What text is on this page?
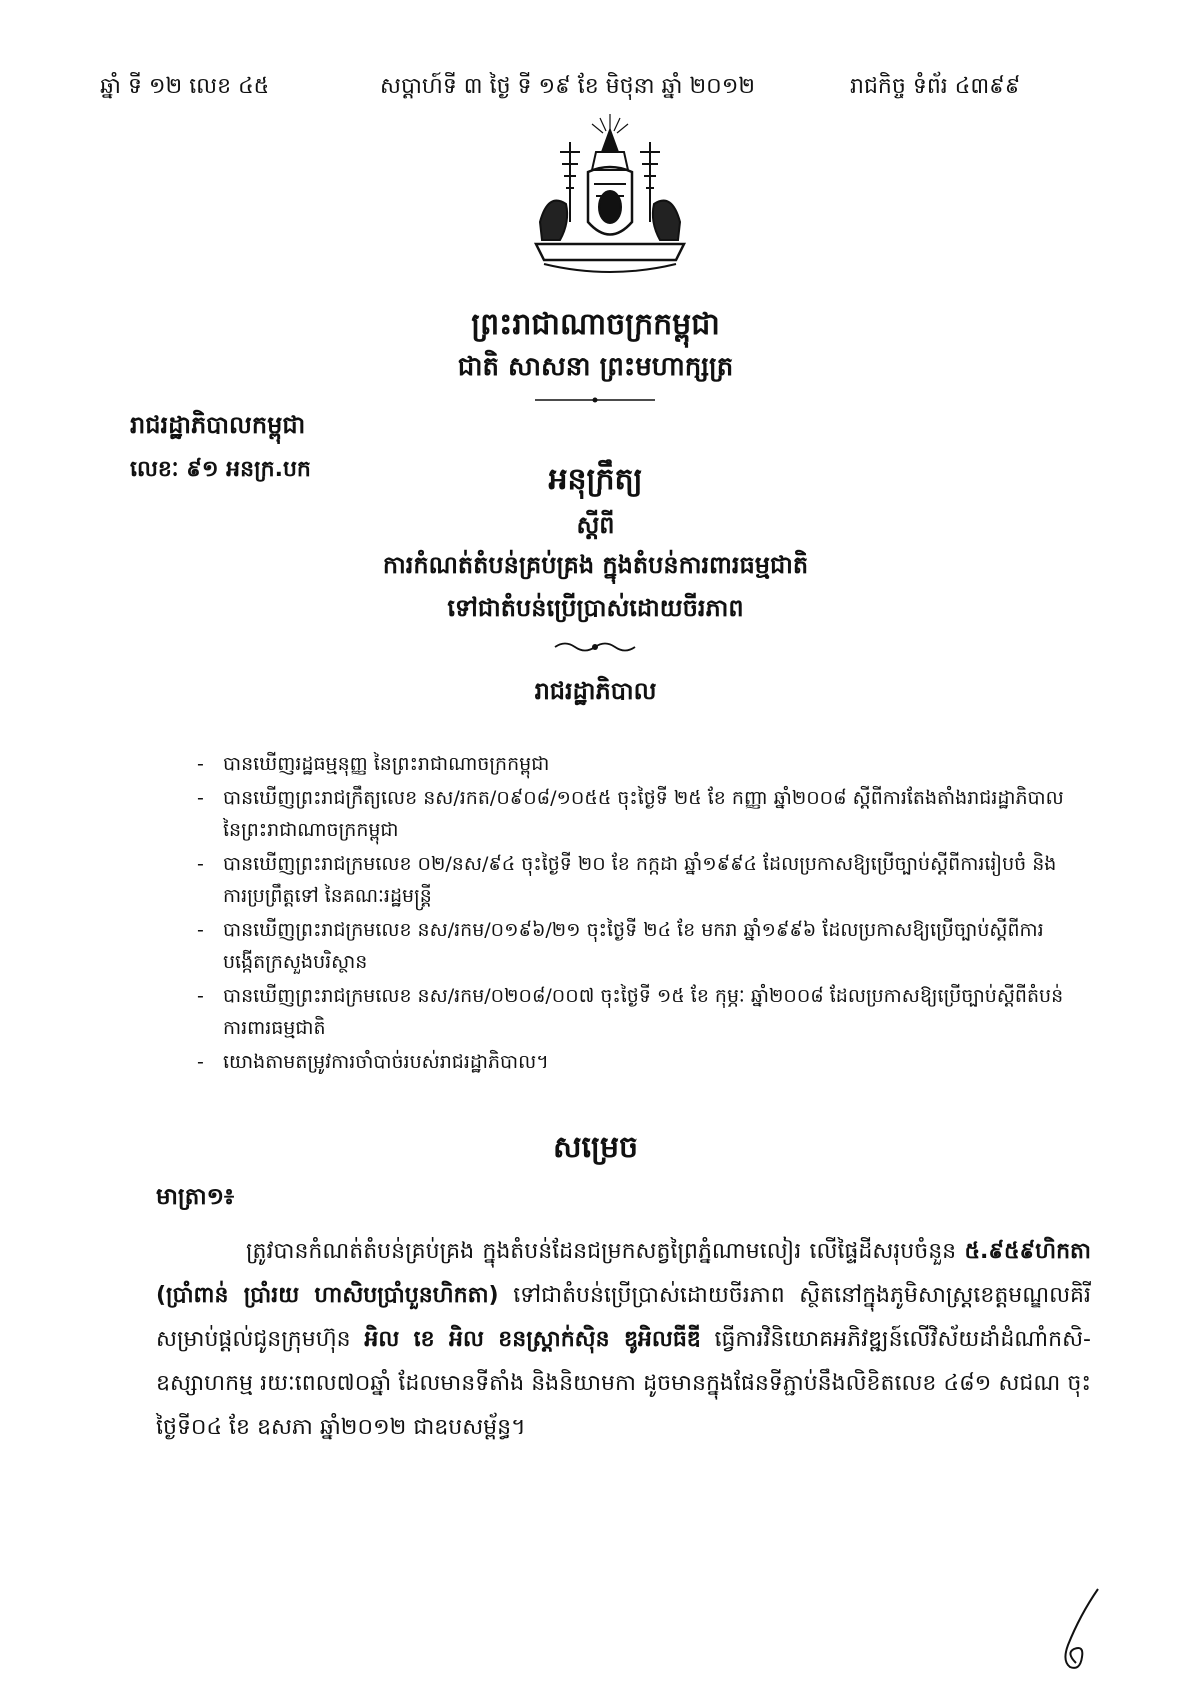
ឆ្នាំ ទី ១២ លេខ ៤៥	សប្តាហ៍ទី ៣ ថ្ងៃ ទី ១៩ ខែ មិថុនា ឆ្នាំ ២០១២	រាជកិច្ច ទំព័រ ៤៣៩៩
ព្រះរាជាណាចក្រកម្ពុជា
ជាតិ សាសនា ព្រះមហាក្សត្រ
រាជរដ្ឋាភិបាលកម្ពុជា
លេខៈ ៩១ អនក្រ.បក	អនុក្រឹត្យ
ស្តីពី
ការកំណត់តំបន់គ្រប់គ្រង ក្នុងតំបន់ការពារធម្មជាតិ
ទៅជាតំបន់ប្រើប្រាស់ដោយចីរភាព
រាជរដ្ឋាភិបាល
- បានឃើញរដ្ឋធម្មនុញ្ញ នៃព្រះរាជាណាចក្រកម្ពុជា
- បានឃើញព្រះរាជក្រឹត្យលេខ នស/រកត/០៩០៨/១០៥៥ ចុះថ្ងៃទី ២៥ ខែ កញ្ញា ឆ្នាំ២០០៨ ស្តីពីការតែងតាំងរាជរដ្ឋាភិបាល នៃព្រះរាជាណាចក្រកម្ពុជា
- បានឃើញព្រះរាជក្រមលេខ ០២/នស/៩៤ ចុះថ្ងៃទី ២០ ខែ កក្កដា ឆ្នាំ១៩៩៤ ដែលប្រកាសឱ្យប្រើច្បាប់ស្តីពីការរៀបចំ និងការប្រព្រឹត្តទៅ នៃគណៈរដ្ឋមន្ត្រី
- បានឃើញព្រះរាជក្រមលេខ នស/រកម/០១៩៦/២១ ចុះថ្ងៃទី ២៤ ខែ មករា ឆ្នាំ១៩៩៦ ដែលប្រកាសឱ្យប្រើច្បាប់ស្តីពីការបង្កើតក្រសួងបរិស្ថាន
- បានឃើញព្រះរាជក្រមលេខ នស/រកម/០២០៨/០០៧ ចុះថ្ងៃទី ១៥ ខែ កុម្ភៈ ឆ្នាំ២០០៨ ដែលប្រកាសឱ្យប្រើច្បាប់ស្តីពីតំបន់ការពារធម្មជាតិ
- យោងតាមតម្រូវការចាំបាច់របស់រាជរដ្ឋាភិបាល។
សម្រេច
មាត្រា១៖
ត្រូវបានកំណត់តំបន់គ្រប់គ្រង ក្នុងតំបន់ដែនជម្រកសត្វព្រៃភ្នំណាមលៀរ លើផ្ទៃដីសរុបចំនួន ៥.៩៥៩ហិកតា (ប្រាំពាន់ ប្រាំរយ ហាសិបប្រាំបួនហិកតា) ទៅជាតំបន់ប្រើប្រាស់ដោយចីរភាព ស្ថិតនៅក្នុងភូមិសាស្ត្រខេត្តមណ្ឌលគិរី សម្រាប់ផ្តល់ជូនក្រុមហ៊ុន អិល ខេ អិល ខនស្ត្រាក់ស៊ិន ឌូអិលធីឌី ធ្វើការវិនិយោគអភិវឌ្ឍន៍លើវិស័យដាំដំណាំកសិ-ឧស្សាហកម្ម រយៈពេល៧០ឆ្នាំ ដែលមានទីតាំង និងនិយាមកា ដូចមានក្នុងផែនទីភ្ជាប់នឹងលិខិតលេខ ៤៨១ សជណ ចុះថ្ងៃទី០៤ ខែ ឧសភា ឆ្នាំ២០១២ ជាឧបសម្ព័ន្ធ។
